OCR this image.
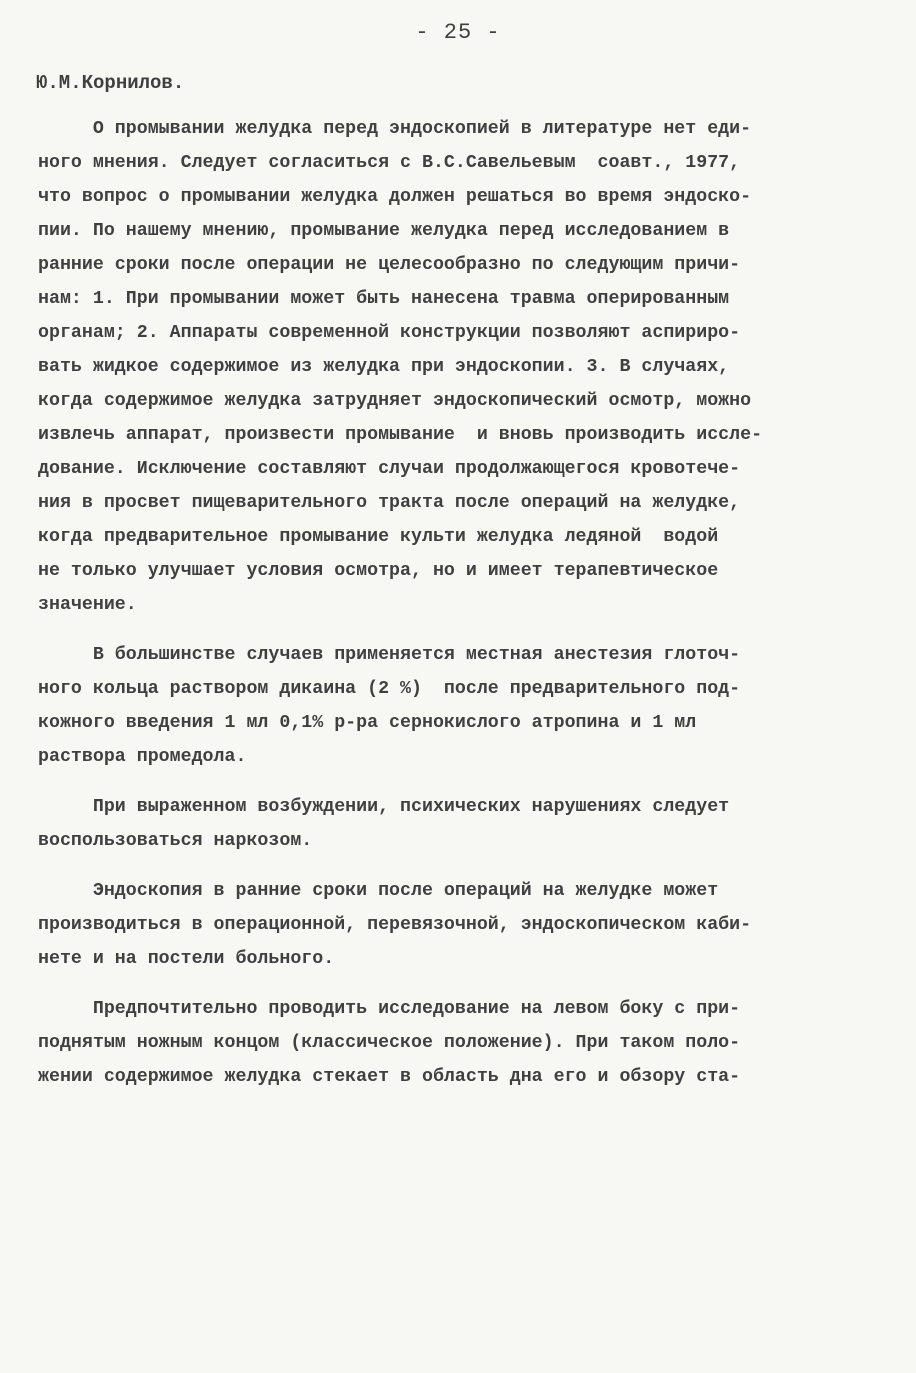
- 25 -
Ю.М.Корнилов.
О промывании желудка перед эндоскопией в литературе нет еди-
ного мнения. Следует согласиться с В.С.Савельевым  соавт., 1977,
что вопрос о промывании желудка должен решаться во время эндоско-
пии. По нашему мнению, промывание желудка перед исследованием в
ранние сроки после операции не целесообразно по следующим причи-
нам: 1. При промывании может быть нанесена травма оперированным
органам; 2. Аппараты современной конструкции позволяют аспириро-
вать жидкое содержимое из желудка при эндоскопии. 3. В случаях,
когда содержимое желудка затрудняет эндоскопический осмотр, можно
извлечь аппарат, произвести промывание  и вновь производить иссле-
дование. Исключение составляют случаи продолжающегося кровотече-
ния в просвет пищеварительного тракта после операций на желудке,
когда предварительное промывание культи желудка ледяной  водой
не только улучшает условия осмотра, но и имеет терапевтическое
значение.
В большинстве случаев применяется местная анестезия глоточ-
ного кольца раствором дикаина (2 %)  после предварительного под-
кожного введения 1 мл 0,1% р-ра сернокислого атропина и 1 мл
раствора промедола.
При выраженном возбуждении, психических нарушениях следует
воспользоваться наркозом.
Эндоскопия в ранние сроки после операций на желудке может
производиться в операционной, перевязочной, эндоскопическом каби-
нете и на постели больного.
Предпочтительно проводить исследование на левом боку с при-
поднятым ножным концом (классическое положение). При таком поло-
жении содержимое желудка стекает в область дна его и обзору ста-
